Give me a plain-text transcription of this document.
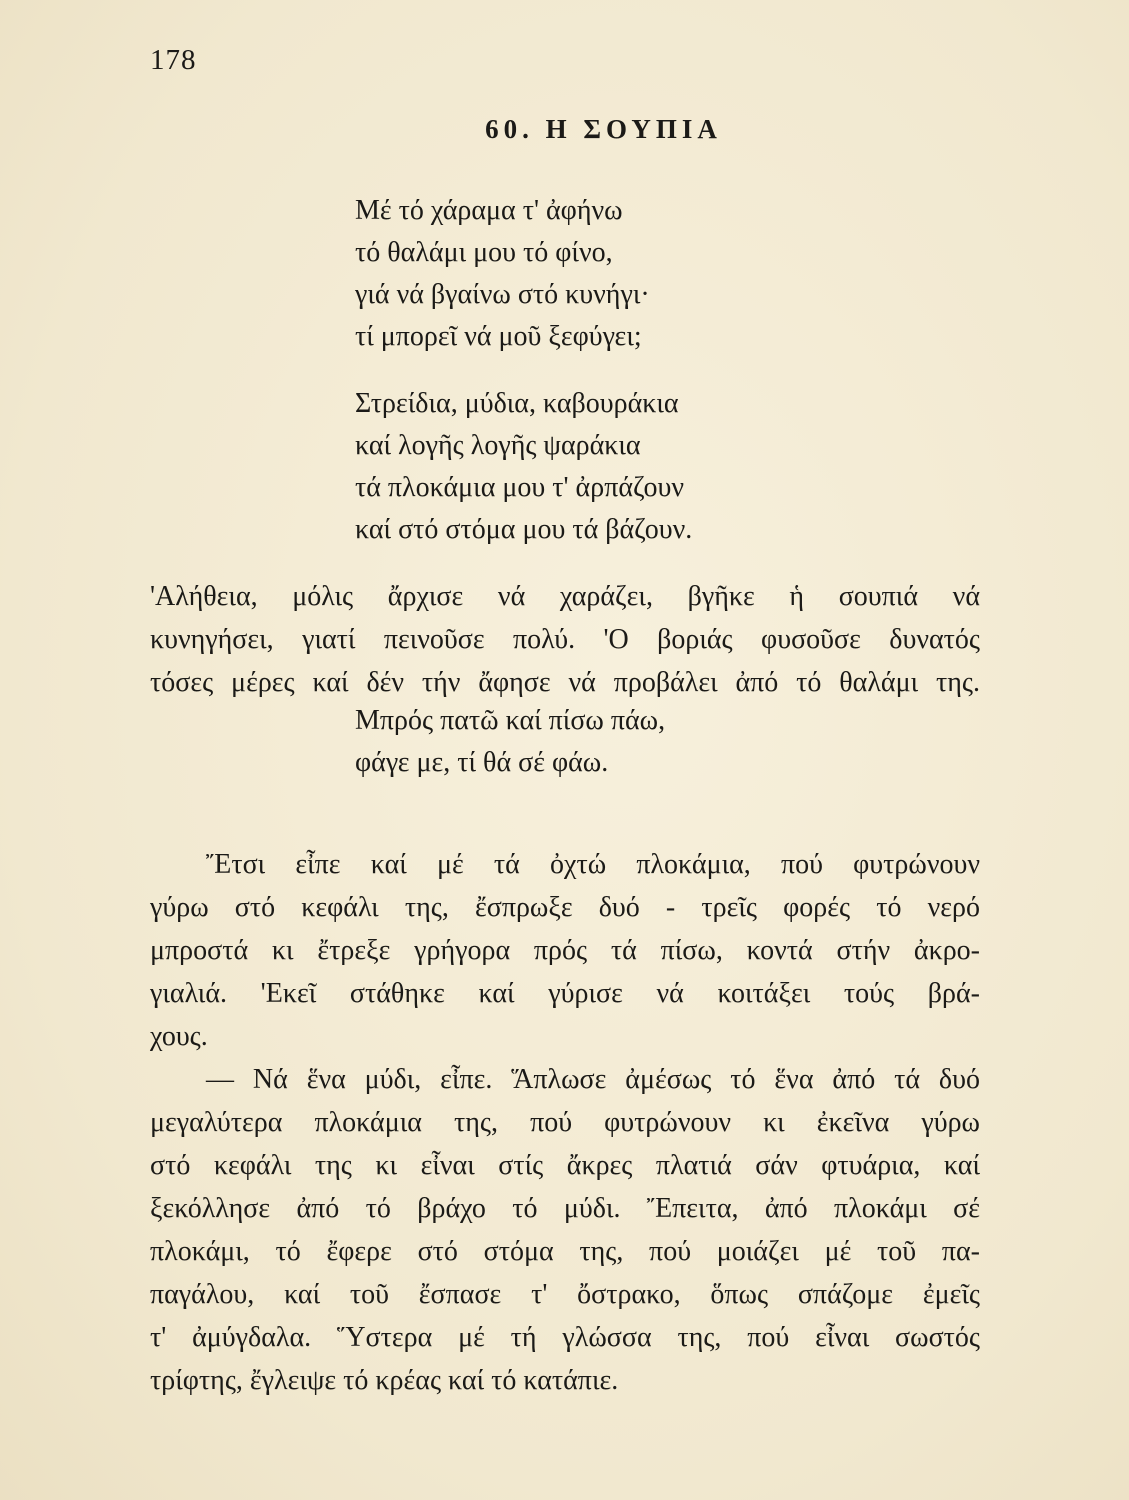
178
60. Η ΣΟΥΠΙΑ
Μέ τό χάραμα τ' ἀφήνω
τό θαλάμι μου τό φίνο,
γιά νά βγαίνω στό κυνήγι·
τί μπορεῖ νά μοῦ ξεφύγει;
Στρείδια, μύδια, καβουράκια
καί λογῆς λογῆς ψαράκια
τά πλοκάμια μου τ' ἀρπάζουν
καί στό στόμα μου τά βάζουν.
'Αλήθεια, μόλις ἄρχισε νά χαράζει, βγῆκε ἡ σουπιά νά
κυνηγήσει, γιατί πεινοῦσε πολύ. 'Ο βοριάς φυσοῦσε δυνατός
τόσες μέρες καί δέν τήν ἄφησε νά προβάλει ἀπό τό θαλάμι της.
Μπρός πατῶ καί πίσω πάω,
φάγε με, τί θά σέ φάω.
Ἔτσι εἶπε καί μέ τά ὀχτώ πλοκάμια, πού φυτρώνουν
γύρω στό κεφάλι της, ἔσπρωξε δυό - τρεῖς φορές τό νερό
μπροστά κι ἔτρεξε γρήγορα πρός τά πίσω, κοντά στήν ἀκρο-
γιαλιά. 'Εκεῖ στάθηκε καί γύρισε νά κοιτάξει τούς βρά-
χους.
— Νά ἕνα μύδι, εἶπε. Ἅπλωσε ἀμέσως τό ἕνα ἀπό τά δυό
μεγαλύτερα πλοκάμια της, πού φυτρώνουν κι ἐκεῖνα γύρω
στό κεφάλι της κι εἶναι στίς ἄκρες πλατιά σάν φτυάρια, καί
ξεκόλλησε ἀπό τό βράχο τό μύδι. Ἔπειτα, ἀπό πλοκάμι σέ
πλοκάμι, τό ἔφερε στό στόμα της, πού μοιάζει μέ τοῦ πα-
παγάλου, καί τοῦ ἔσπασε τ' ὄστρακο, ὅπως σπάζομε ἐμεῖς
τ' ἀμύγδαλα. Ὕστερα μέ τή γλώσσα της, πού εἶναι σωστός
τρίφτης, ἔγλειψε τό κρέας καί τό κατάπιε.
